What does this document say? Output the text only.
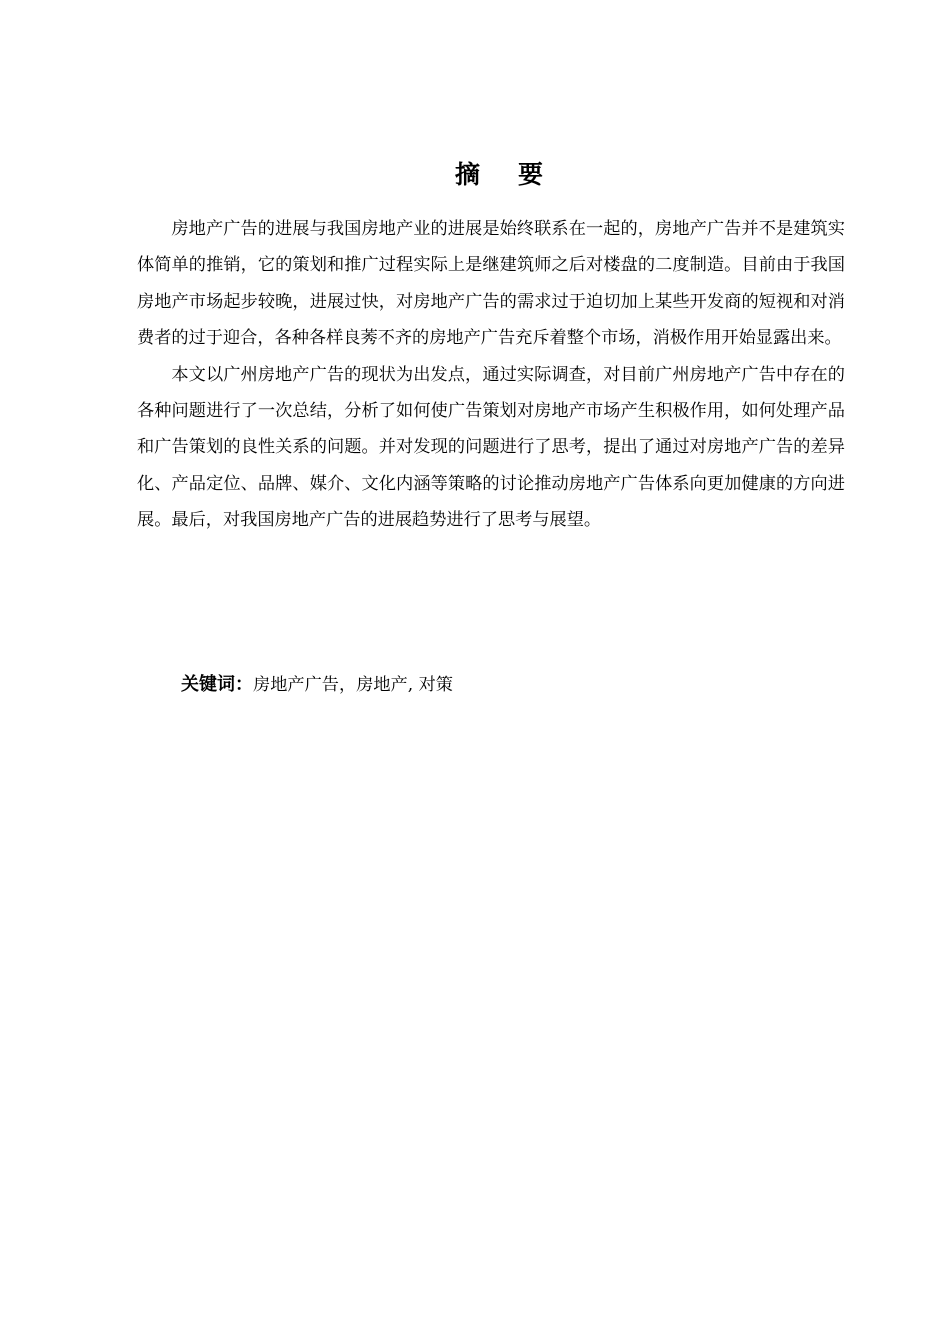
摘 要

房地产广告的进展与我国房地产业的进展是始终联系在一起的，房地产广告并不是建筑实体简单的推销，它的策划和推广过程实际上是继建筑师之后对楼盘的二度制造。目前由于我国房地产市场起步较晚，进展过快，对房地产广告的需求过于迫切加上某些开发商的短视和对消费者的过于迎合，各种各样良莠不齐的房地产广告充斥着整个市场，消极作用开始显露出来。

本文以广州房地产广告的现状为出发点，通过实际调查，对目前广州房地产广告中存在的各种问题进行了一次总结，分析了如何使广告策划对房地产市场产生积极作用，如何处理产品和广告策划的良性关系的问题。并对发现的问题进行了思考，提出了通过对房地产广告的差异化、产品定位、品牌、媒介、文化内涵等策略的讨论推动房地产广告体系向更加健康的方向进展。最后，对我国房地产广告的进展趋势进行了思考与展望。

关键词：房地产广告，房地产, 对策
